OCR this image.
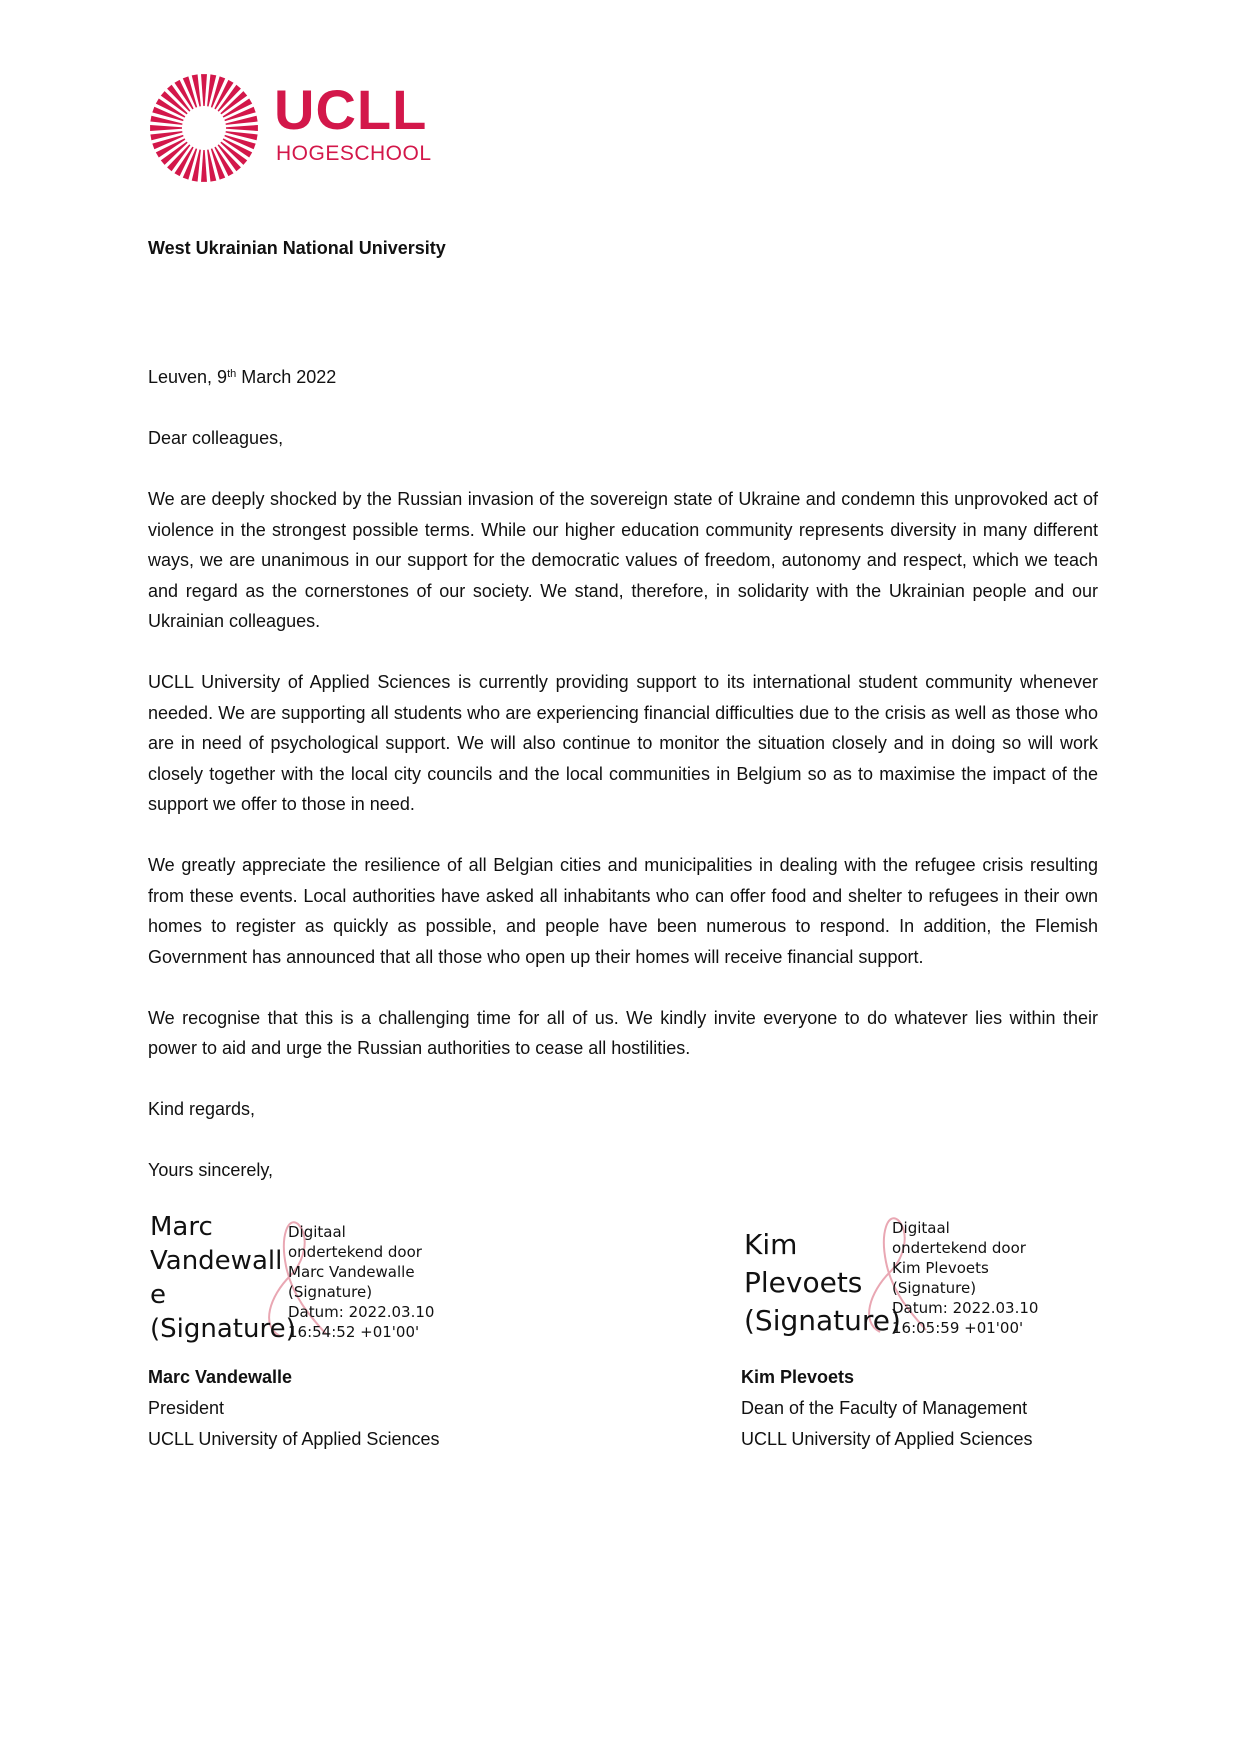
UCLL
HOGESCHOOL
West Ukrainian National University

Leuven, 9th March 2022

Dear colleagues,

We are deeply shocked by the Russian invasion of the sovereign state of Ukraine and condemn this unprovoked act of violence in the strongest possible terms. While our higher education community represents diversity in many different ways, we are unanimous in our support for the democratic values of freedom, autonomy and respect, which we teach and regard as the cornerstones of our society. We stand, therefore, in solidarity with the Ukrainian people and our Ukrainian colleagues.

UCLL University of Applied Sciences is currently providing support to its international student community whenever needed. We are supporting all students who are experiencing financial difficulties due to the crisis as well as those who are in need of psychological support. We will also continue to monitor the situation closely and in doing so will work closely together with the local city councils and the local communities in Belgium so as to maximise the impact of the support we offer to those in need.

We greatly appreciate the resilience of all Belgian cities and municipalities in dealing with the refugee crisis resulting from these events. Local authorities have asked all inhabitants who can offer food and shelter to refugees in their own homes to register as quickly as possible, and people have been numerous to respond. In addition, the Flemish Government has announced that all those who open up their homes will receive financial support.

We recognise that this is a challenging time for all of us. We kindly invite everyone to do whatever lies within their power to aid and urge the Russian authorities to cease all hostilities.

Kind regards,

Yours sincerely,

Marc
Vandewall
e
(Signature)
Digitaal
ondertekend door
Marc Vandewalle
(Signature)
Datum: 2022.03.10
16:54:52 +01'00'
Marc Vandewalle
President
UCLL University of Applied Sciences
Kim
Plevoets
(Signature)
Digitaal
ondertekend door
Kim Plevoets
(Signature)
Datum: 2022.03.10
16:05:59 +01'00'
Kim Plevoets
Dean of the Faculty of Management
UCLL University of Applied Sciences
